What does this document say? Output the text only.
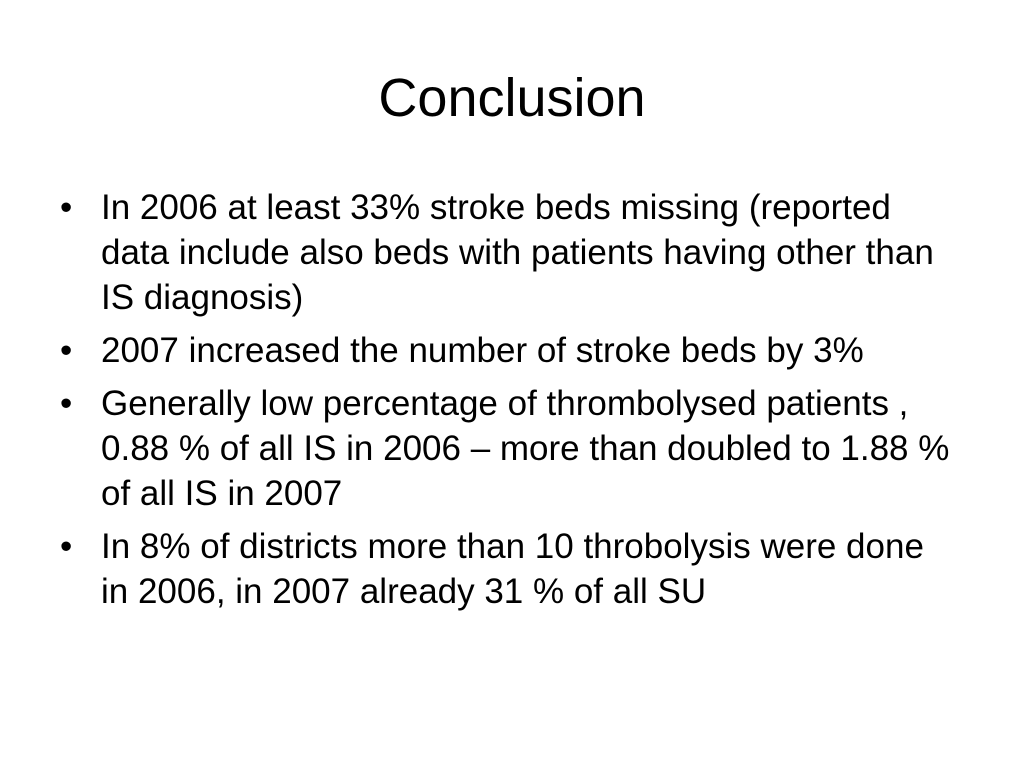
Conclusion
• In 2006 at least 33% stroke beds missing (reported data include also beds with patients having other than IS diagnosis)
• 2007 increased the number of stroke beds by 3%
• Generally low percentage of thrombolysed patients , 0.88 % of all IS in 2006 – more than doubled to 1.88 % of all IS in 2007
• In 8% of districts more than 10 throbolysis were done in 2006, in 2007 already 31 % of all SU
